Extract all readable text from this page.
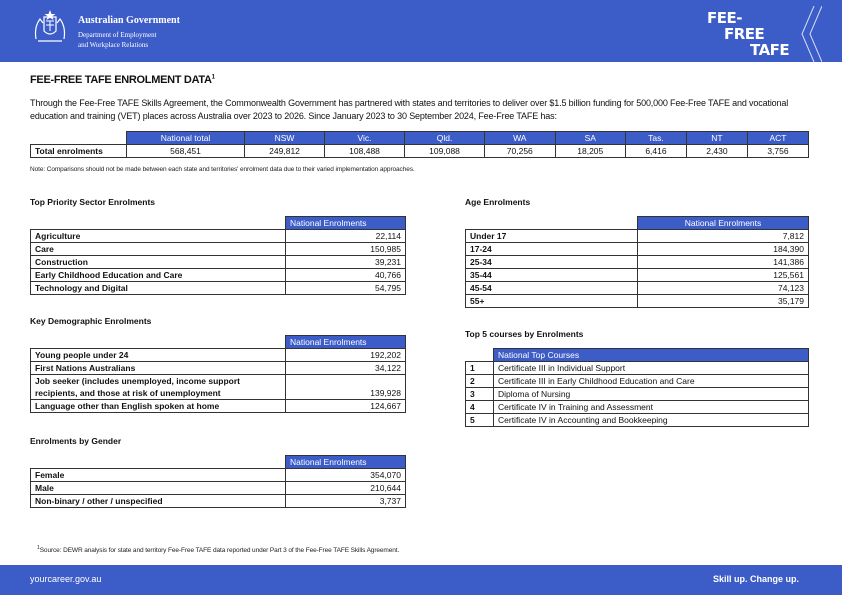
Australian Government
Department of Employment
and Workplace Relations
FEE-
FREE
TAFE
FEE-FREE TAFE ENROLMENT DATA$^1$
Through the Fee-Free TAFE Skills Agreement, the Commonwealth Government has partnered with states and territories to deliver over $1.5 billion funding for 500,000 Fee-Free TAFE and vocational education and training (VET) places across Australia over 2023 to 2026. Since January 2023 to 30 September 2024, Fee-Free TAFE has:
	National total	NSW	Vic.	Qld.	WA	SA	Tas.	NT	ACT
Total enrolments	568,451	249,812	108,488	109,088	70,256	18,205	6,416	2,430	3,756
Note: Comparisons should not be made between each state and territories' enrolment data due to their varied implementation approaches.
Top Priority Sector Enrolments
	National Enrolments
Agriculture	22,114
Care	150,985
Construction	39,231
Early Childhood Education and Care	40,766
Technology and Digital	54,795
Key Demographic Enrolments
	National Enrolments
Young people under 24	192,202
First Nations Australians	34,122
Job seeker (includes unemployed, income support recipients, and those at risk of unemployment	139,928
Language other than English spoken at home	124,667
Enrolments by Gender
	National Enrolments
Female	354,070
Male	210,644
Non-binary / other / unspecified	3,737
Age Enrolments
	National Enrolments
Under 17	7,812
17-24	184,390
25-34	141,386
35-44	125,561
45-54	74,123
55+	35,179
Top 5 courses by Enrolments
	National Top Courses
1	Certificate III in Individual Support
2	Certificate III in Early Childhood Education and Care
3	Diploma of Nursing
4	Certificate IV in Training and Assessment
5	Certificate IV in Accounting and Bookkeeping
$^1$Source: DEWR analysis for state and territory Fee-Free TAFE data reported under Part 3 of the Fee-Free TAFE Skills Agreement.
yourcareer.gov.au	Skill up. Change up.
